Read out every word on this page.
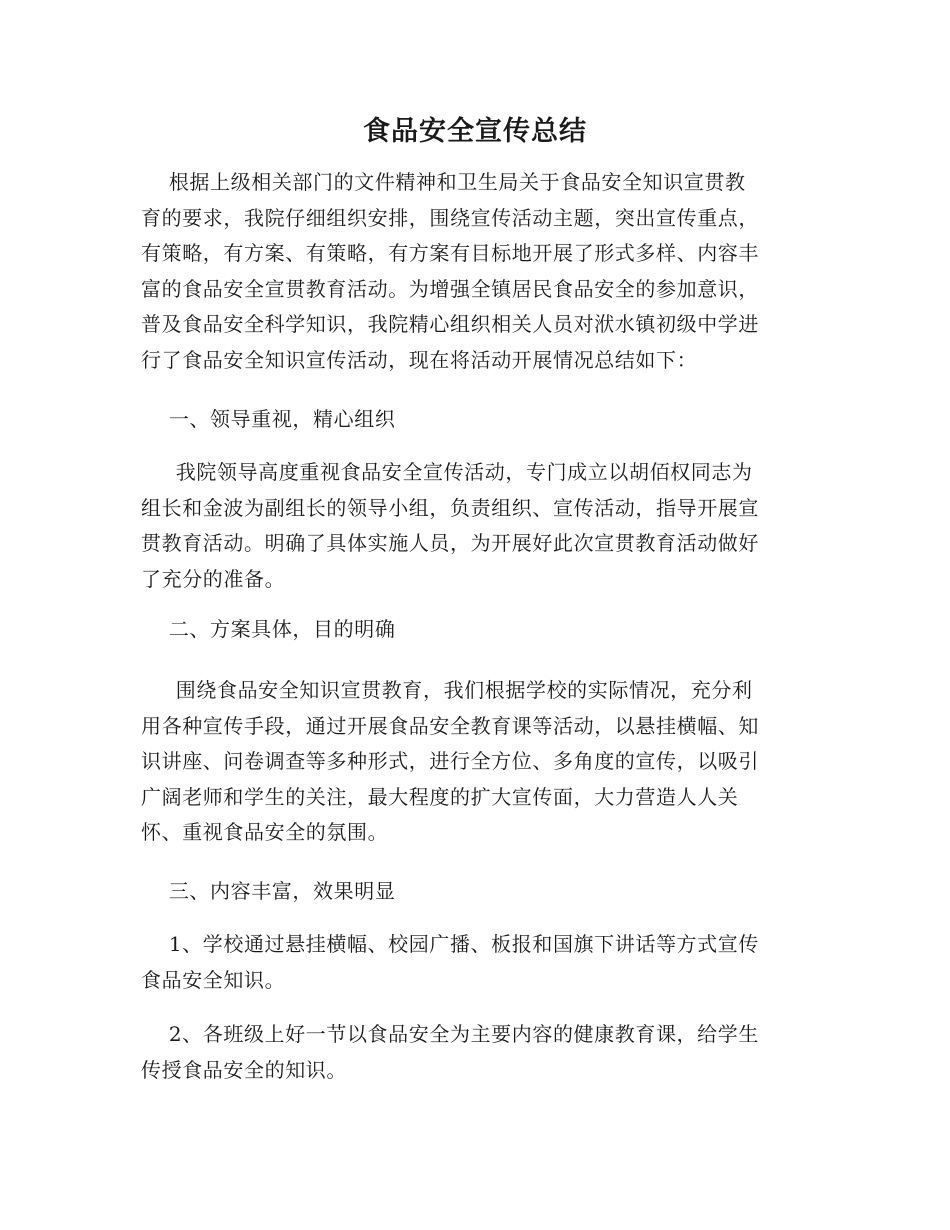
食品安全宣传总结
根据上级相关部门的文件精神和卫生局关于食品安全知识宣贯教
育的要求，我院仔细组织安排，围绕宣传活动主题，突出宣传重点，
有策略，有方案、有策略，有方案有目标地开展了形式多样、内容丰
富的食品安全宣贯教育活动。为增强全镇居民食品安全的参加意识，
普及食品安全科学知识，我院精心组织相关人员对洑水镇初级中学进
行了食品安全知识宣传活动，现在将活动开展情况总结如下：
一、领导重视，精心组织
我院领导高度重视食品安全宣传活动，专门成立以胡佰权同志为
组长和金波为副组长的领导小组，负责组织、宣传活动，指导开展宣
贯教育活动。明确了具体实施人员，为开展好此次宣贯教育活动做好
了充分的准备。
二、方案具体，目的明确
围绕食品安全知识宣贯教育，我们根据学校的实际情况，充分利
用各种宣传手段，通过开展食品安全教育课等活动，以悬挂横幅、知
识讲座、问卷调查等多种形式，进行全方位、多角度的宣传，以吸引
广阔老师和学生的关注，最大程度的扩大宣传面，大力营造人人关
怀、重视食品安全的氛围。
三、内容丰富，效果明显
1、学校通过悬挂横幅、校园广播、板报和国旗下讲话等方式宣传
食品安全知识。
2、各班级上好一节以食品安全为主要内容的健康教育课，给学生
传授食品安全的知识。
